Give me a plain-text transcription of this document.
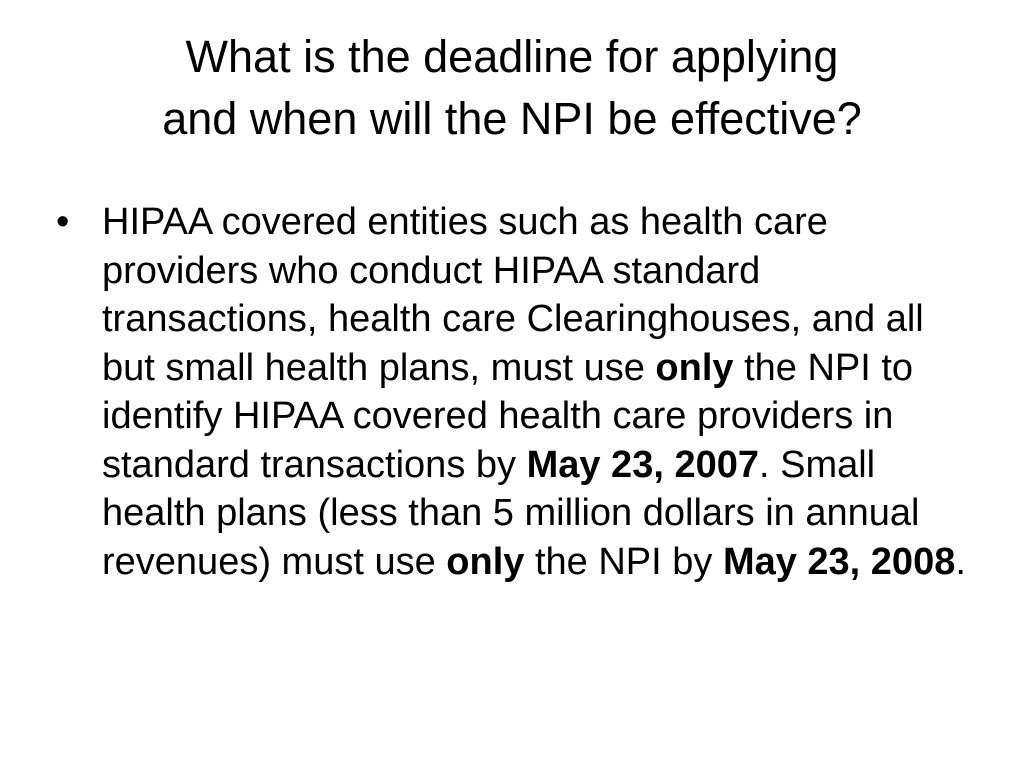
What is the deadline for applying
and when will the NPI be effective?
• HIPAA covered entities such as health care providers who conduct HIPAA standard transactions, health care Clearinghouses, and all but small health plans, must use only the NPI to identify HIPAA covered health care providers in standard transactions by May 23, 2007. Small health plans (less than 5 million dollars in annual revenues) must use only the NPI by May 23, 2008.
